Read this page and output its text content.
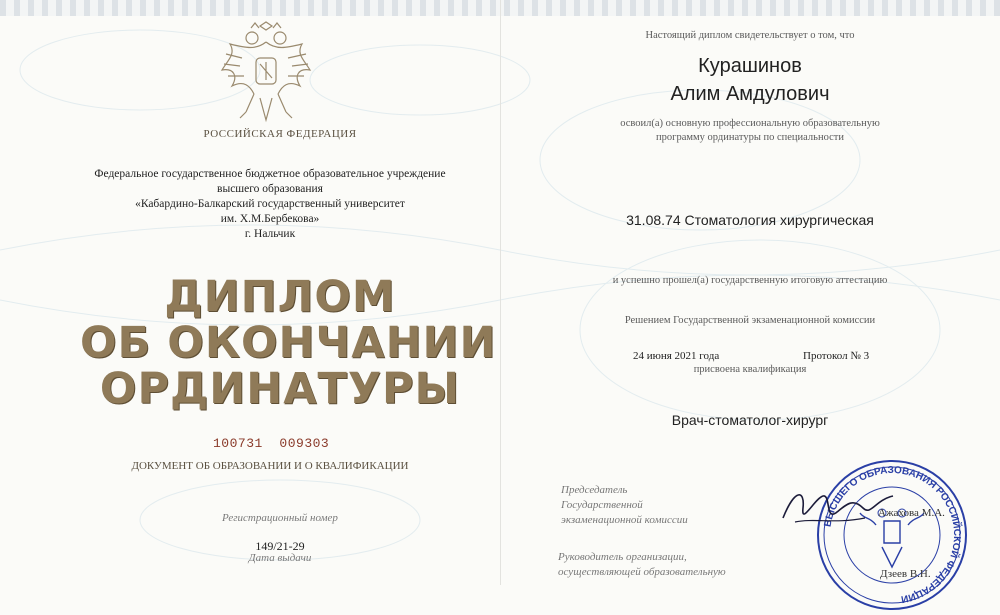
РОССИЙСКАЯ ФЕДЕРАЦИЯ
Федеральное государственное бюджетное образовательное учреждение
высшего образования
«Кабардино-Балкарский государственный университет
им. Х.М.Бербекова»
г. Нальчик
ДИПЛОМ
ОБ ОКОНЧАНИИ
ОРДИНАТУРЫ
100731  009303
ДОКУМЕНТ ОБ ОБРАЗОВАНИИ И О КВАЛИФИКАЦИИ
Регистрационный номер
149/21-29
Дата выдачи
Настоящий диплом свидетельствует о том, что
Курашинов
Алим Амдулович
освоил(а) основную профессиональную образовательную
программу ординатуры по специальности
31.08.74 Стоматология хирургическая
и успешно прошел(а) государственную итоговую аттестацию
Решением Государственной экзаменационной комиссии
24 июня 2021 года	Протокол № 3
присвоена квалификация
Врач-стоматолог-хирург
Председатель
Государственной
экзаменационной комиссии
Руководитель организации,
осуществляющей образовательную
ВЫСШЕГО ОБРАЗОВАНИЯ РОССИЙСКОЙ ФЕДЕРАЦИИ
Ажахова М.А.
Дзеев В.Н.
